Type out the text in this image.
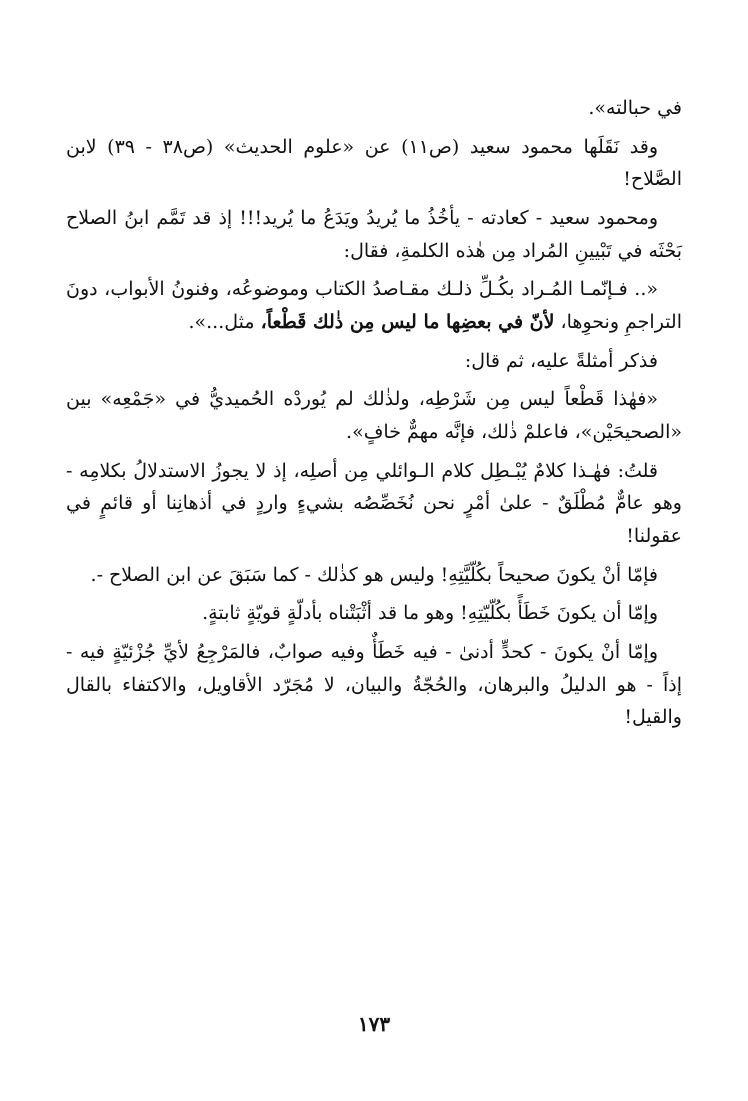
في حبالته».

وقد نَقَلَها محمود سعيد (ص١١) عن «علوم الحديث» (ص٣٨ - ٣٩) لابن الصَّلاح!

ومحمود سعيد - كعادته - يأخُذُ ما يُريدُ ويَدَعُ ما يُريد!!! إذ قد تَمَّم ابنُ الصلاح بَحْثَه في تَبْيينِ المُراد مِن هٰذه الكلمةِ، فقال:

«.. فـإنّمـا المُـراد بكُـلِّ ذلـك مقـاصدُ الكتاب وموضوعُه، وفنونُ الأبواب، دونَ التراجمِ ونحوِها، لأنّ في بعضِها ما ليس مِن ذٰلك قَطْعاً، مثل...».

فذكر أمثلةً عليه، ثم قال:

«فهٰذا قَطْعاً ليس مِن شَرْطِه، ولذٰلك لم يُوردْه الحُميديُّ في «جَمْعِه» بين «الصحيحَيْن»، فاعلمْ ذٰلك، فإنَّه مهمٌّ خافٍ».

قلتُ: فهٰـذا كلامٌ يُبْـطِل كلام الـوائلي مِن أصلِه، إذ لا يجوزُ الاستدلالُ بكلامِه - وهو عامٌّ مُطْلَقٌ - علىٰ أمْرٍ نحن نُخَصِّصُه بشيءٍ واردٍ في أذهانِنا أو قائمٍ في عقولنا!

فإمّا أنْ يكونَ صحيحاً بكُلّيَّتِهِ! وليس هو كذٰلك - كما سَبَقَ عن ابن الصلاح -.

وإمّا أن يكونَ خَطَأً بكُلّيّتِهِ! وهو ما قد أثْبَتْناه بأدلّةٍ قويّةٍ ثابتةٍ.

وإمّا أنْ يكونَ - كحدٍّ أدنىٰ - فيه خَطَأٌ وفيه صوابٌ، فالمَرْجِعُ لأيِّ جُزْئيّةٍ فيه - إذاً - هو الدليلُ والبرهان، والحُجّةُ والبيان، لا مُجَرّد الأقاويل، والاكتفاء بالقال والقيل!

١٧٣
